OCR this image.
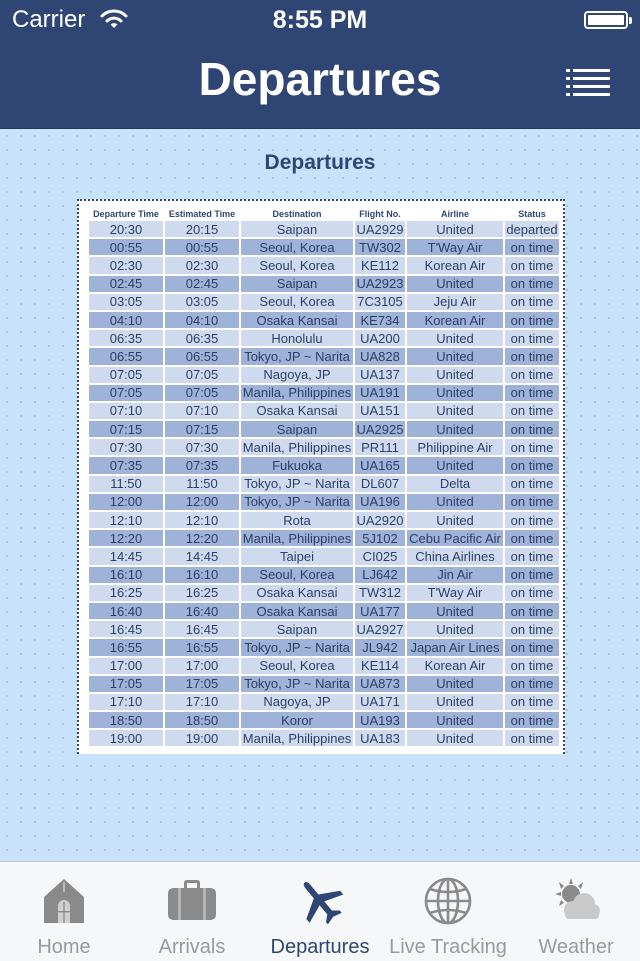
Carrier	8:55 PM
Departures
Departures
Departure Time	Estimated Time	Destination	Flight No.	Airline	Status
20:30	20:15	Saipan	UA2929	United	departed
00:55	00:55	Seoul, Korea	TW302	T'Way Air	on time
02:30	02:30	Seoul, Korea	KE112	Korean Air	on time
02:45	02:45	Saipan	UA2923	United	on time
03:05	03:05	Seoul, Korea	7C3105	Jeju Air	on time
04:10	04:10	Osaka Kansai	KE734	Korean Air	on time
06:35	06:35	Honolulu	UA200	United	on time
06:55	06:55	Tokyo, JP ~ Narita	UA828	United	on time
07:05	07:05	Nagoya, JP	UA137	United	on time
07:05	07:05	Manila, Philippines	UA191	United	on time
07:10	07:10	Osaka Kansai	UA151	United	on time
07:15	07:15	Saipan	UA2925	United	on time
07:30	07:30	Manila, Philippines	PR111	Philippine Air	on time
07:35	07:35	Fukuoka	UA165	United	on time
11:50	11:50	Tokyo, JP ~ Narita	DL607	Delta	on time
12:00	12:00	Tokyo, JP ~ Narita	UA196	United	on time
12:10	12:10	Rota	UA2920	United	on time
12:20	12:20	Manila, Philippines	5J102	Cebu Pacific Air	on time
14:45	14:45	Taipei	CI025	China Airlines	on time
16:10	16:10	Seoul, Korea	LJ642	Jin Air	on time
16:25	16:25	Osaka Kansai	TW312	T'Way Air	on time
16:40	16:40	Osaka Kansai	UA177	United	on time
16:45	16:45	Saipan	UA2927	United	on time
16:55	16:55	Tokyo, JP ~ Narita	JL942	Japan Air Lines	on time
17:00	17:00	Seoul, Korea	KE114	Korean Air	on time
17:05	17:05	Tokyo, JP ~ Narita	UA873	United	on time
17:10	17:10	Nagoya, JP	UA171	United	on time
18:50	18:50	Koror	UA193	United	on time
19:00	19:00	Manila, Philippines	UA183	United	on time
Home	Arrivals	Departures Live Tracking	Weather
